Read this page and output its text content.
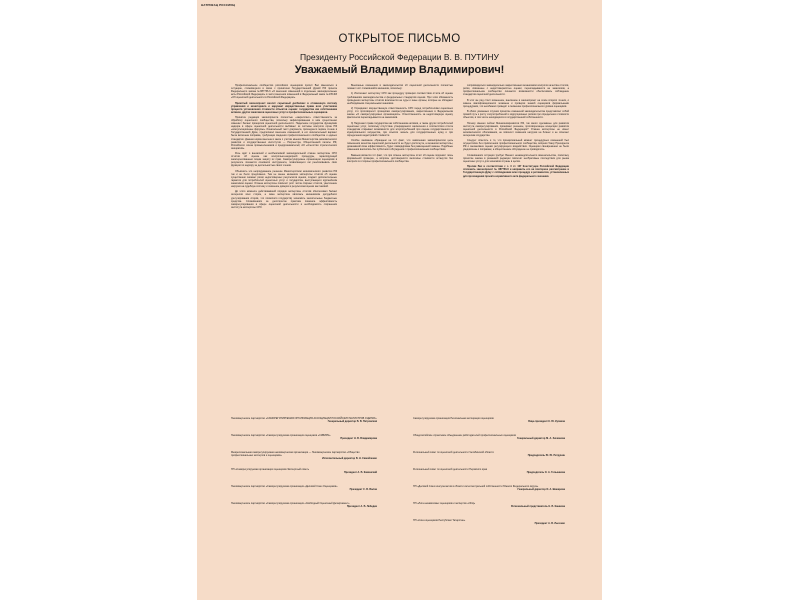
НАТРИКАЦ РОССИЯЦ
ОТКРЫТОЕ ПИСЬМО
Президенту Российской Федерации В. В. ПУТИНУ
Уважаемый Владимир Владимирович!

Профессиональное сообщество российских оценщиков просит Вас вмешаться в ситуацию, сложившуюся в связи с принятием Государственной Думой РФ проекта Федерального закона №887766-6 «О внесении изменений в отдельные законодательные акты Российской Федерации» в части внесения изменений в Федеральный закон №135-ФЗ «Об оценочной деятельности в Российской Федерации».

Принятый законопроект вносит серьёзный дисбаланс в отлаженную систему управления и мониторинга и нарушает имущественные права всех участников процесса установления стоимости объектов оценки: государства как собственника активов, других заказчиков оценочных услуг и профессиональных оценщиков.

Принятие редакции законопроекта полностью «закрепляет» ответственность за обработку оценочного сообщества, поскольку зафиксированная в нём существенно изменяет баланс принципов оценочной деятельности. Наделение государства функциями надзора в сфере оценочной деятельности выбивает из системы контроля орган РФ «консультационные форумы». Изначальный текст документа, прошедшего первое чтение в Государственной Думе, предполагал внесение изменений, в его окончательный вариант была включена поправка, требующая сведения профессионального сообщества о единых стандартах. Данная норма внесена в закон с учётом мнения Министерства экономического развития и государственных институтов — Росреестра, Общественной палаты РФ, Российского союза промышленников и предпринимателей, АО «Агентство стратегических инициатив».

Речь идёт о внезапной и необъяснимой законодательной отмене экспертизы СРО отчётов об оценке как контрольно-надзорной процедуры, гарантирующей заинтересованным лицам защиту их прав. Саморегулируемые организации оценщиков в результате лишаются основного инструмента, позволяющего им реализовывать свои функции по надзору за деятельностью своих членов.

Объяснить это непродуманное решение Министерством экономического развития РФ так и не было предложено. Тем не менее механизм экспертизы отчётов об оценке существенно снижает риски недостоверных результатов оценки, создаёт дополнительные гарантии для потребителей оценочных услуг и государства, выступающего крупнейшим заказчиком оценки. Отмена экспертизы повлечёт рост числа спорных отчётов, увеличение нагрузки на судебную систему и снижение доверия к результатам оценки как таковой.

До этого момента действовавший порядок экспертизы отчётов обеспечивал баланс интересов всех сторон, а сама экспертиза являлась механизмом досудебного урегулирования споров, что позволяло государству экономить значительные бюджетные средства. Сложившаяся за десятилетие практика показала эффективность саморегулирования в сфере оценочной деятельности и необходимость сохранения института экспертизы СРО.

Внесённые изменения в законодательство об оценочной деятельности полностью ломают этот сложившийся механизм, поскольку:

1) Исключают экспертизу СРО как процедуру проверки соответствия отчёта об оценке требованиям законодательства и федеральных стандартов оценки. При этом обязанность проведения экспертизы отчётов возлагается на суды и иные органы, которые не обладают необходимыми специальными знаниями.

2) Упраздняют имущественную ответственность СРО перед потребителями оценочных услуг, что противоречит принципам саморегулирования, закреплённым в Федеральном законе «О саморегулируемых организациях». Ответственность за недостоверную оценку фактически перекладывается на заказчиков.

3) Нарушают права государства как собственника активов, а также других потребителей оценочных услуг, поскольку отсутствие утверждённого заключения о соответствии отчёта стандартам открывает возможности для злоупотреблений при оценке государственного и муниципального имущества, при изъятии земель для государственных нужд и при определении кадастровой стоимости.

Особое внимание обращаем на тот факт, что заявленная законопроектом цель повышения качества оценочной деятельности не будет достигнута, а механизм экспертизы, доказавший свою эффективность, будет ликвидирован без равноценной замены. Подобные изменения вносились без публичного обсуждения с профессиональным сообществом.

Важным является тот факт, что при отмене экспертизы отчёт об оценке подлежит лишь формальной проверке, а вопросы достоверности величины стоимости останутся без контроля со стороны профессионального сообщества.

сопровождаться законодательно закреплённым механизмом контроля качества отчётов, риски, связанные с недостоверностью оценки, перекладываются на заказчиков, а профессиональное сообщество лишается возможности обеспечивать соблюдение стандартов оценочной деятельности.

В этот же ряд стоит изменение, внесённое в законопроект на этапе второго чтения, о замене квалификационного экзамена и проверки знаний оценщиков формальными процедурами, что неизбежно приведёт к снижению профессионального уровня оценщиков.

В обоих указанных случаях принятие изменений законодательства представляет собой прямой путь к росту злоупотреблений и коррупционных рисков при определении стоимости объектов, в том числе находящихся в государственной собственности.

Почему именно сейчас Минэкономразвития РФ, так много сделавшее для развития института саморегулирования, принимает решение, противоречащее концепции развития оценочной деятельности в Российской Федерации? Отмена экспертизы не имеет экономического обоснования, не повлечёт снижения нагрузки на бизнес и не отвечает интересам государства.

Следует отметить и то, что принципиальный момент процедурных изменений был осуществлён без привлечения профессионального сообщества, вопреки Указу Президента РФ о механизмах оценки регулирующего воздействия. Оценщики своевременно не были уведомлены о поправках, а общественное обсуждение не проводилось.

Сложившаяся ситуация требует Вашего незамедлительного вмешательства, поскольку принятие закона в указанной редакции повлечёт необратимые последствия для рынка оценочных услуг и для экономики страны в целом.

Просим Вас в соответствии с ч. 3 ст. 107 Конституции Российской Федерации отклонить законопроект № 887766-6 и направить его на повторное рассмотрение в Государственную Думу с соблюдением всех процедур и регламентов, установленных для прохождения проекта нормативного акта федерального значения.

Некоммерческое партнёрство «САМОРЕГУЛИРУЕМАЯ ОРГАНИЗАЦИЯ АССОЦИАЦИИ РОССИЙСКИХ МАГИСТРОВ ОЦЕНКИ»
Генеральный директор В. В. Петровская
Некоммерческое партнёрство «Саморегулируемая организация оценщиков «СИБИРЬ»
Президент Н. В. Владимирова
Межрегиональная саморегулируемая некоммерческая организация — Некоммерческое партнёрство «Общество профессиональных экспертов и оценщиков»
Исполнительный директор В. Н. Самойленко
НП «Саморегулируемая организация оценщиков Экспертный совет»
Президент А. В. Каминский
Некоммерческое партнёрство «Саморегулируемая организация «Деловой Союз Оценщиков»
Президент С. В. Валов
Некоммерческое партнёрство «Саморегулируемая организация «Свободный Оценочный Департамент»
Президент А. В. Лебедев
Саморегулируемая организация Региональная ассоциация оценщиков
Вице-президент К. Ю. Кулаков
Общероссийское отраслевое объединение работодателей профессиональных оценщиков
Генеральный директор М. А. Зюзюкова
Региональный совет по оценочной деятельности Челябинской области
Председатель Ю. Ю. Петрунин
Региональный совет по оценочной деятельности Пермского края
Председатель О. А. Голышкова
НП «Деловой Союз консультантов в области интеллектуальной собственности Южного Федерального округа»
Генеральный директор И. А. Шакирова
НП «Лига независимых оценщиков и экспертов «ОКЦ»
Региональный представитель Е. В. Кашкова
НП «Союз оценщиков Республики Татарстан»
Президент А. В. Лысенко
